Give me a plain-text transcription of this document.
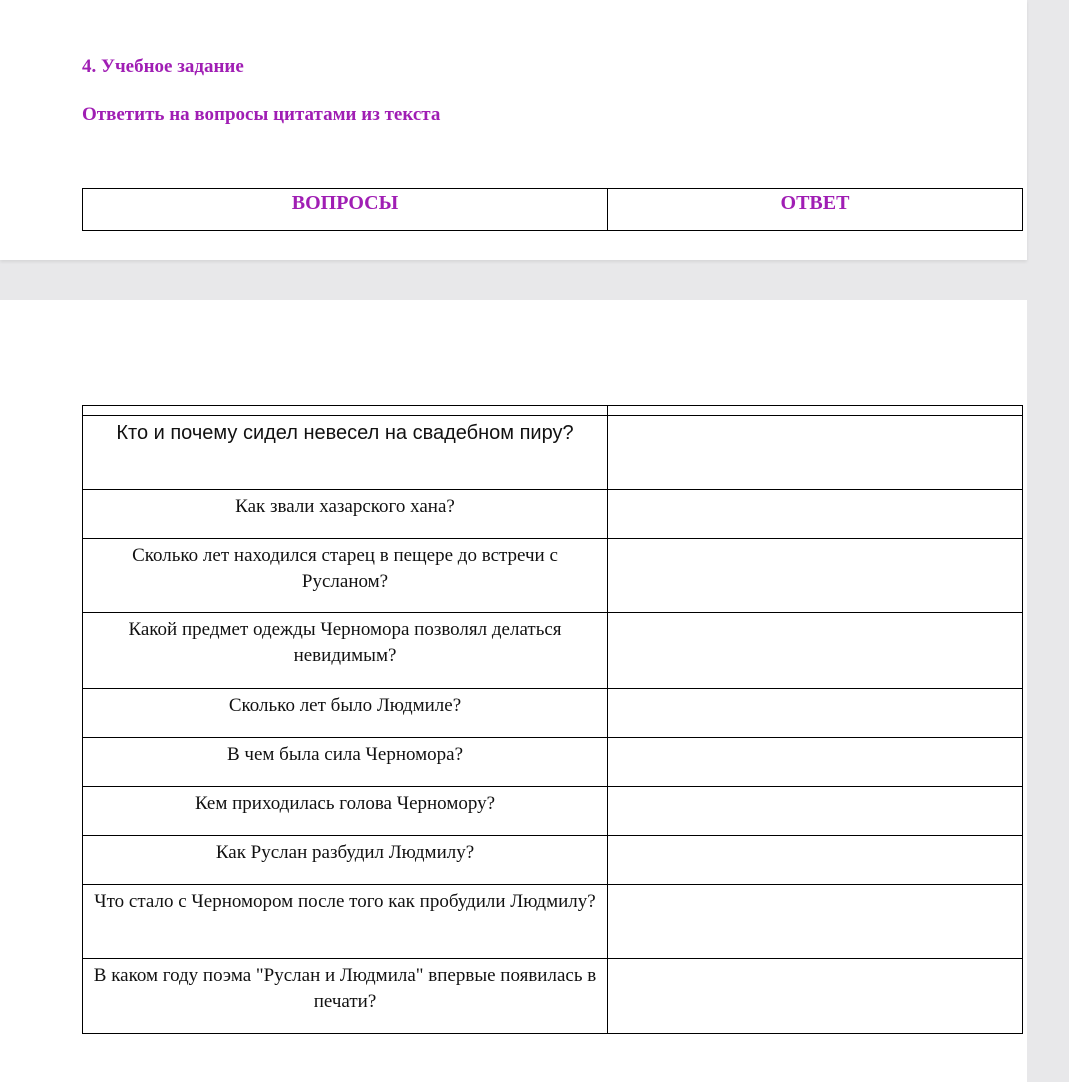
4. Учебное задание

Ответить на вопросы цитатами из текста

ВОПРОСЫ	ОТВЕТ

Кто и почему сидел невесел на свадебном пиру?	
Как звали хазарского хана?	
Сколько лет находился старец в пещере до встречи с Русланом?	
Какой предмет одежды Черномора позволял делаться невидимым?	
Сколько лет было Людмиле?	
В чем была сила Черномора?	
Кем приходилась голова Черномору?	
Как Руслан разбудил Людмилу?	
Что стало с Черномором после того как пробудили Людмилу?	
В каком году поэма "Руслан и Людмила" впервые появилась в печати?	
